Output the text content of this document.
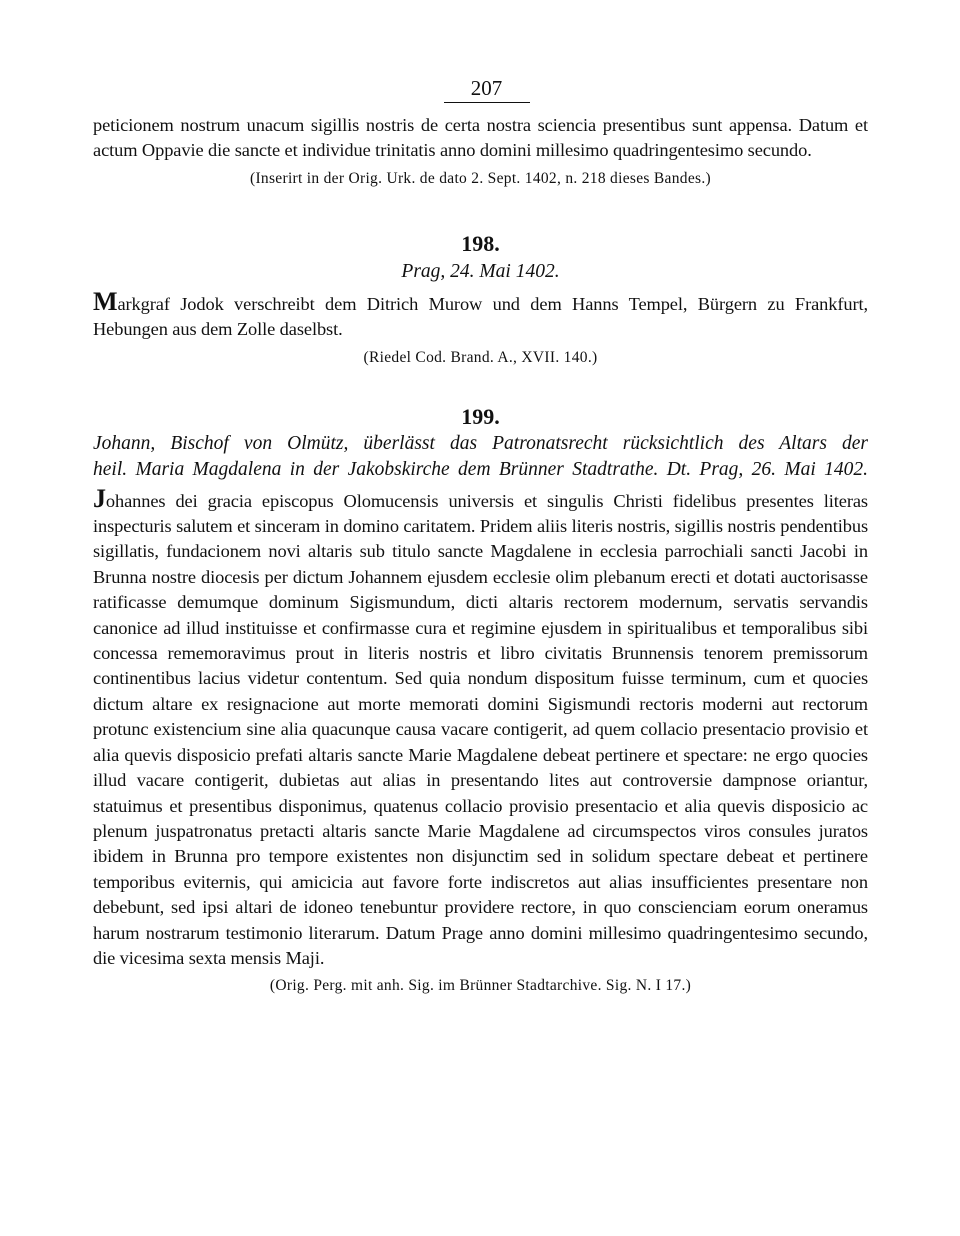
207

peticionem nostrum unacum sigillis nostris de certa nostra sciencia presentibus sunt appensa. Datum et actum Oppavie die sancte et individue trinitatis anno domini millesimo quadringentesimo secundo.

(Inserirt in der Orig. Urk. de dato 2. Sept. 1402, n. 218 dieses Bandes.)
198.
Prag, 24. Mai 1402.

Markgraf Jodok verschreibt dem Ditrich Murow und dem Hanns Tempel, Bürgern zu Frankfurt, Hebungen aus dem Zolle daselbst.

(Riedel Cod. Brand. A., XVII. 140.)
199.
Johann, Bischof von Olmütz, überlässt das Patronatsrecht rücksichtlich des Altars der
heil. Maria Magdalena in der Jakobskirche dem Brünner Stadtrathe. Dt. Prag, 26. Mai 1402.

Johannes dei gracia episcopus Olomucensis universis et singulis Christi fidelibus presentes literas inspecturis salutem et sinceram in domino caritatem. Pridem aliis literis nostris, sigillis nostris pendentibus sigillatis, fundacionem novi altaris sub titulo sancte Magdalene in ecclesia parrochiali sancti Jacobi in Brunna nostre diocesis per dictum Johannem ejusdem ecclesie olim plebanum erecti et dotati auctorisasse ratificasse demumque dominum Sigismundum, dicti altaris rectorem modernum, servatis servandis canonice ad illud instituisse et confirmasse cura et regimine ejusdem in spiritualibus et temporalibus sibi concessa rememoravimus prout in literis nostris et libro civitatis Brunnensis tenorem premissorum continentibus lacius videtur contentum. Sed quia nondum dispositum fuisse terminum, cum et quocies dictum altare ex resignacione aut morte memorati domini Sigismundi rectoris moderni aut rectorum protunc existencium sine alia quacunque causa vacare contigerit, ad quem collacio presentacio provisio et alia quevis disposicio prefati altaris sancte Marie Magdalene debeat pertinere et spectare: ne ergo quocies illud vacare contigerit, dubietas aut alias in presentando lites aut controversie dampnose oriantur, statuimus et presentibus disponimus, quatenus collacio provisio presentacio et alia quevis disposicio ac plenum juspatronatus pretacti altaris sancte Marie Magdalene ad circumspectos viros consules juratos ibidem in Brunna pro tempore existentes non disjunctim sed in solidum spectare debeat et pertinere temporibus eviternis, qui amicicia aut favore forte indiscretos aut alias insufficientes presentare non debebunt, sed ipsi altari de idoneo tenebuntur providere rectore, in quo conscienciam eorum oneramus harum nostrarum testimonio literarum. Datum Prage anno domini millesimo quadringentesimo secundo, die vicesima sexta mensis Maji.

(Orig. Perg. mit anh. Sig. im Brünner Stadtarchive. Sig. N. I 17.)
